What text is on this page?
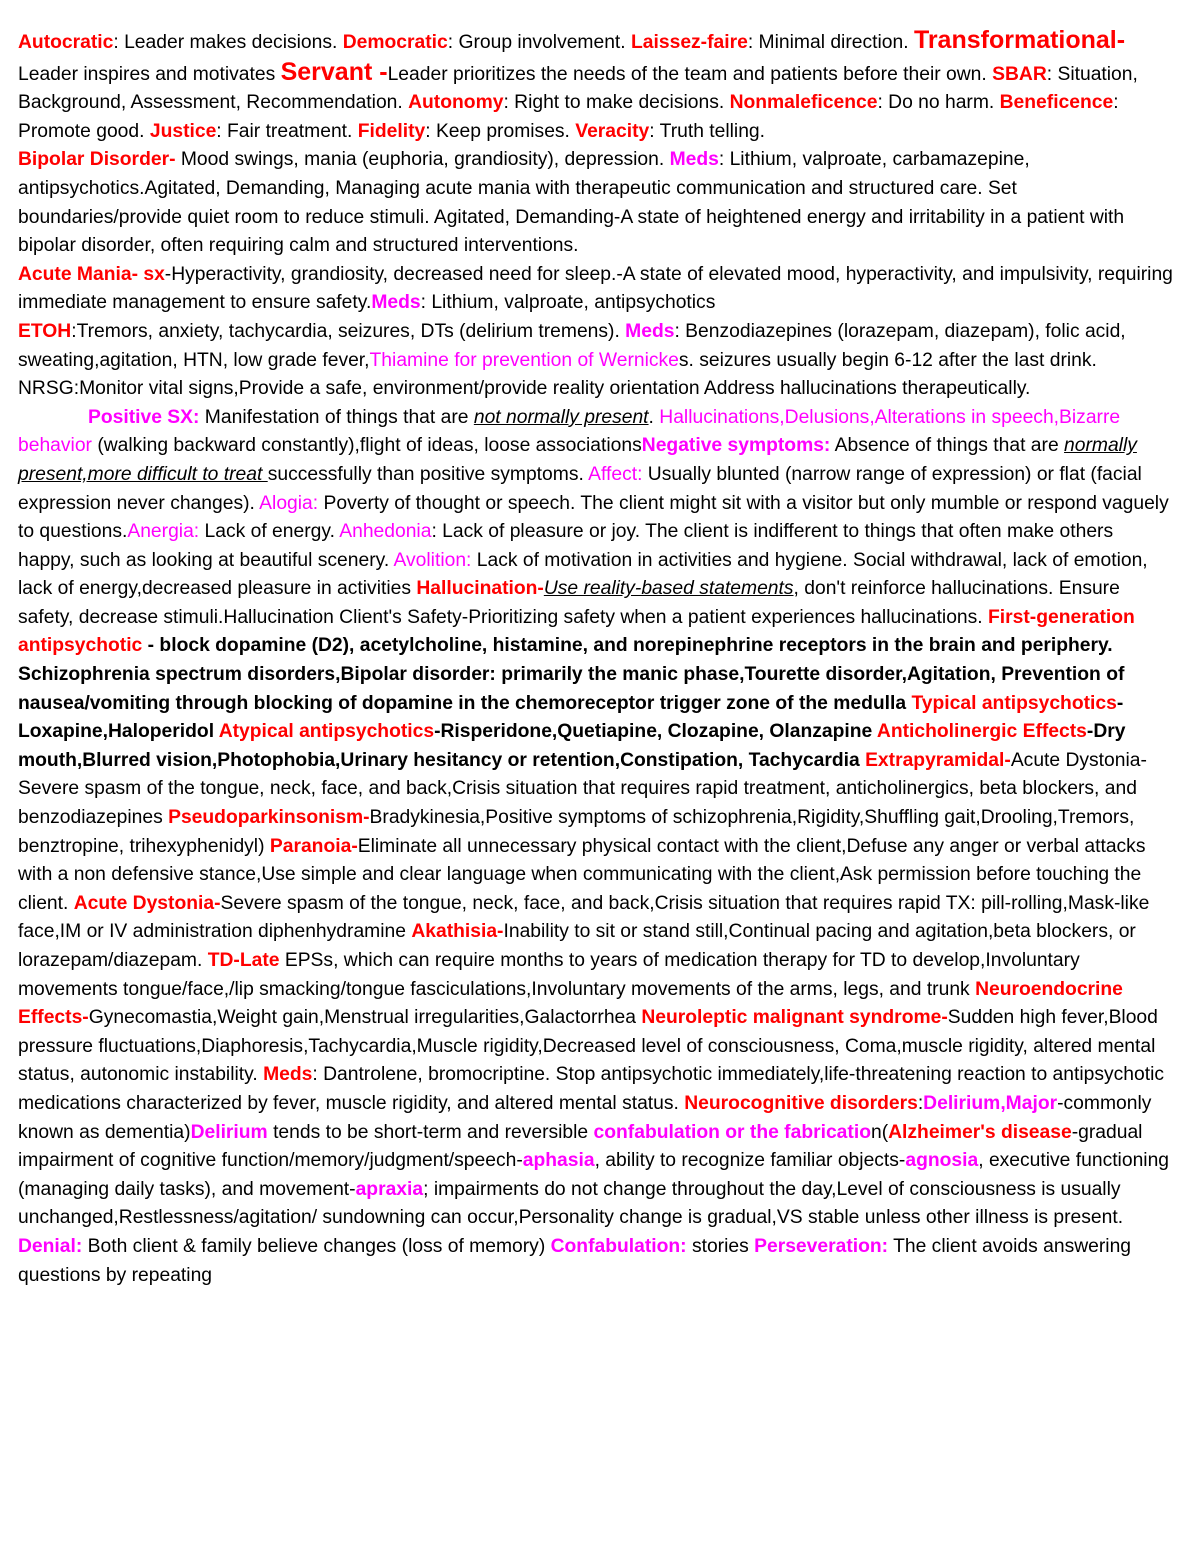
Autocratic: Leader makes decisions. Democratic: Group involvement. Laissez-faire: Minimal direction. Transformational-Leader inspires and motivates Servant -Leader prioritizes the needs of the team and patients before their own. SBAR: Situation, Background, Assessment, Recommendation. Autonomy: Right to make decisions. Nonmaleficence: Do no harm. Beneficence: Promote good. Justice: Fair treatment. Fidelity: Keep promises. Veracity: Truth telling.

Bipolar Disorder- Mood swings, mania (euphoria, grandiosity), depression. Meds: Lithium, valproate, carbamazepine, antipsychotics.Agitated, Demanding, Managing acute mania with therapeutic communication and structured care. Set boundaries/provide quiet room to reduce stimuli. Agitated, Demanding-A state of heightened energy and irritability in a patient with bipolar disorder, often requiring calm and structured interventions.

Acute Mania- sx-Hyperactivity, grandiosity, decreased need for sleep.-A state of elevated mood, hyperactivity, and impulsivity, requiring immediate management to ensure safety.Meds: Lithium, valproate, antipsychotics

ETOH:Tremors, anxiety, tachycardia, seizures, DTs (delirium tremens). Meds: Benzodiazepines (lorazepam, diazepam), folic acid, sweating,agitation, HTN, low grade fever,Thiamine for prevention of Wernickes. seizures usually begin 6-12 after the last drink. NRSG:Monitor vital signs,Provide a safe, environment/provide reality orientation Address hallucinations therapeutically.

Positive SX: Manifestation of things that are not normally present. Hallucinations,Delusions,Alterations in speech,Bizarre behavior (walking backward constantly),flight of ideas, loose associationsNegative symptoms: Absence of things that are normally present,more difficult to treat successfully than positive symptoms. Affect: Usually blunted (narrow range of expression) or flat (facial expression never changes). Alogia: Poverty of thought or speech. The client might sit with a visitor but only mumble or respond vaguely to questions.Anergia: Lack of energy. Anhedonia: Lack of pleasure or joy. The client is indifferent to things that often make others happy, such as looking at beautiful scenery. Avolition: Lack of motivation in activities and hygiene. Social withdrawal, lack of emotion, lack of energy,decreased pleasure in activities Hallucination-Use reality-based statements, don't reinforce hallucinations. Ensure safety, decrease stimuli.Hallucination Client's Safety-Prioritizing safety when a patient experiences hallucinations. First-generation antipsychotic - block dopamine (D2), acetylcholine, histamine, and norepinephrine receptors in the brain and periphery. Schizophrenia spectrum disorders,Bipolar disorder: primarily the manic phase,Tourette disorder,Agitation, Prevention of nausea/vomiting through blocking of dopamine in the chemoreceptor trigger zone of the medulla Typical antipsychotics-Loxapine,Haloperidol Atypical antipsychotics-Risperidone,Quetiapine, Clozapine, Olanzapine Anticholinergic Effects-Dry mouth,Blurred vision,Photophobia,Urinary hesitancy or retention,Constipation, Tachycardia Extrapyramidal-Acute Dystonia-Severe spasm of the tongue, neck, face, and back,Crisis situation that requires rapid treatment, anticholinergics, beta blockers, and benzodiazepines Pseudoparkinsonism-Bradykinesia,Positive symptoms of schizophrenia,Rigidity,Shuffling gait,Drooling,Tremors, benztropine, trihexyphenidyl) Paranoia-Eliminate all unnecessary physical contact with the client,Defuse any anger or verbal attacks with a non defensive stance,Use simple and clear language when communicating with the client,Ask permission before touching the client. Acute Dystonia-Severe spasm of the tongue, neck, face, and back,Crisis situation that requires rapid TX: pill-rolling,Mask-like face,IM or IV administration diphenhydramine Akathisia-Inability to sit or stand still,Continual pacing and agitation,beta blockers, or lorazepam/diazepam. TD-Late EPSs, which can require months to years of medication therapy for TD to develop,Involuntary movements tongue/face,/lip smacking/tongue fasciculations,Involuntary movements of the arms, legs, and trunk Neuroendocrine Effects-Gynecomastia,Weight gain,Menstrual irregularities,Galactorrhea Neuroleptic malignant syndrome-Sudden high fever,Blood pressure fluctuations,Diaphoresis,Tachycardia,Muscle rigidity,Decreased level of consciousness, Coma,muscle rigidity, altered mental status, autonomic instability. Meds: Dantrolene, bromocriptine. Stop antipsychotic immediately,life-threatening reaction to antipsychotic medications characterized by fever, muscle rigidity, and altered mental status. Neurocognitive disorders:Delirium,Major-commonly known as dementia)Delirium tends to be short-term and reversible confabulation or the fabrication(Alzheimer's disease-gradual impairment of cognitive function/memory/judgment/speech-aphasia, ability to recognize familiar objects-agnosia, executive functioning (managing daily tasks), and movement-apraxia; impairments do not change throughout the day,Level of consciousness is usually unchanged,Restlessness/agitation/ sundowning can occur,Personality change is gradual,VS stable unless other illness is present. Denial: Both client & family believe changes (loss of memory) Confabulation: stories Perseveration: The client avoids answering questions by repeating
